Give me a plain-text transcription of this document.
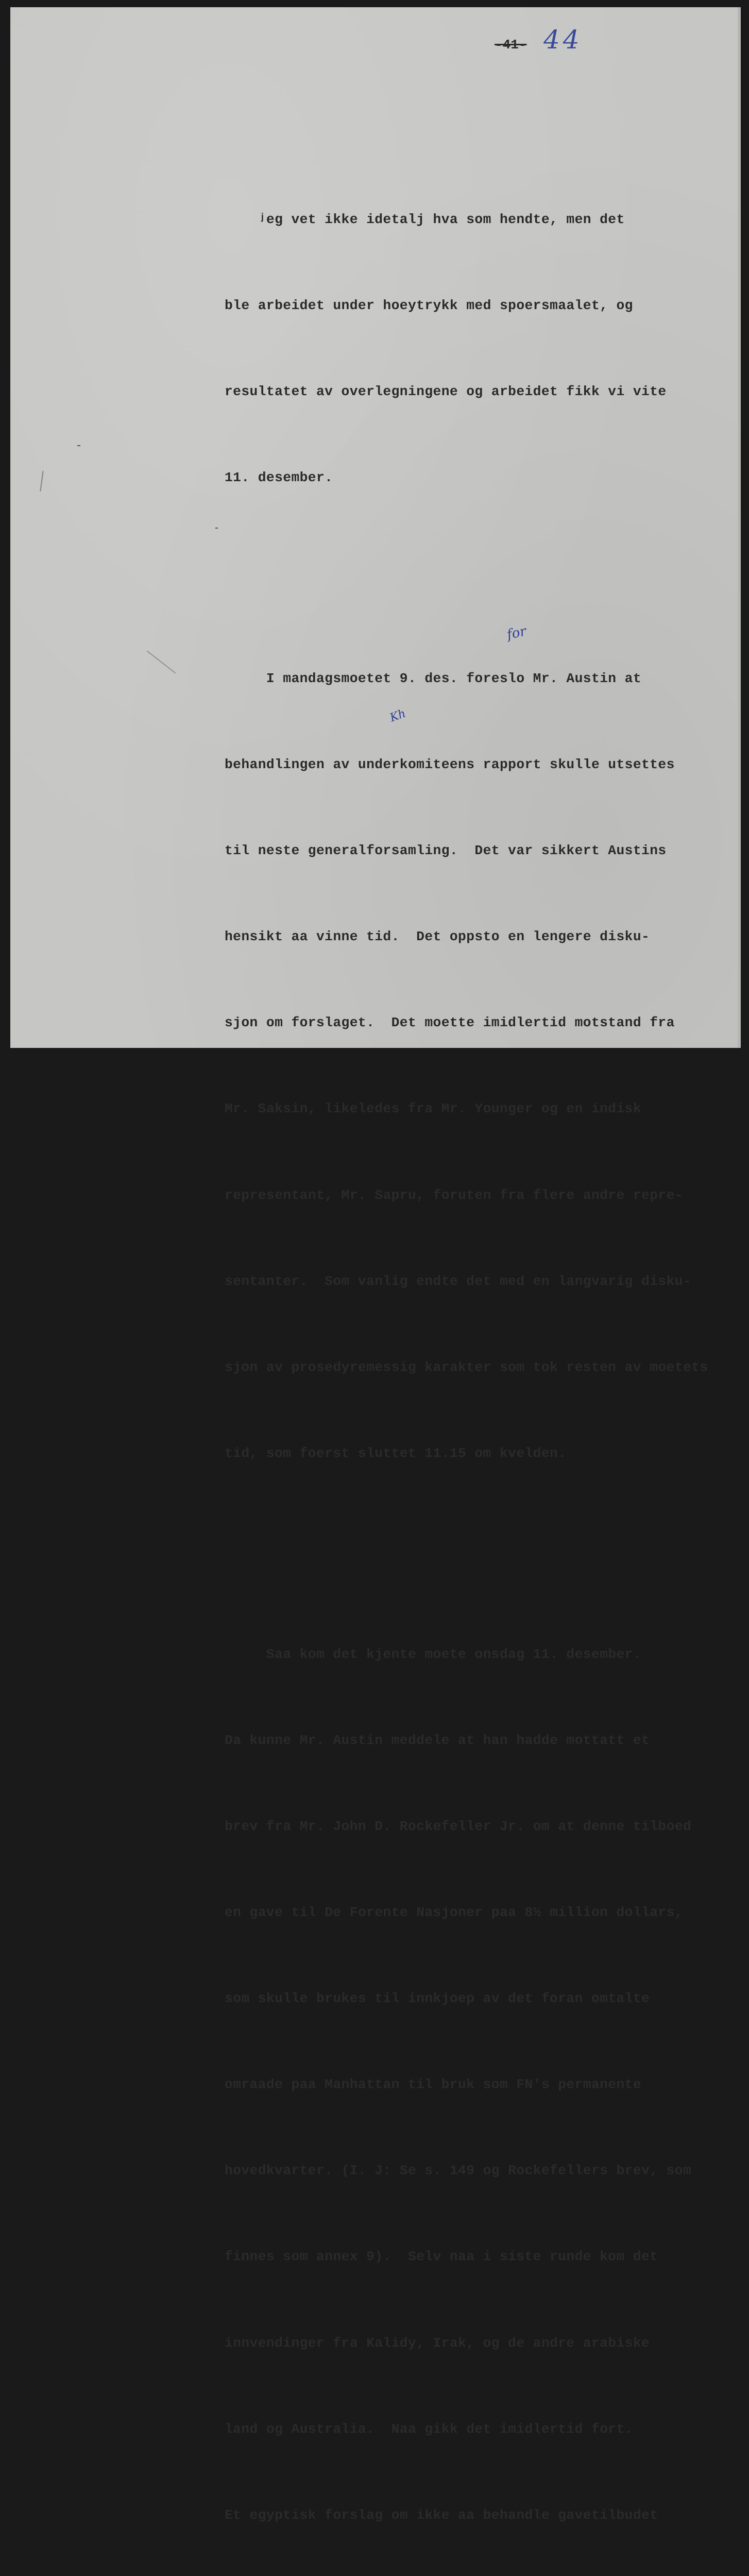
-41- 44

ʲeg vet ikke idetalj hva som hendte, men det

ble arbeidet under hoeytrykk med spoersmaalet, og

resultatet av overlegningene og arbeidet fikk vi vite

11. desember.

I mandagsmoetet 9. des. foreslo Mr. Austin at

behandlingen av underkomiteens rapport skulle utsettes

til neste generalforsamling.  Det var sikkert Austins

hensikt aa vinne tid.  Det oppsto en lengere disku-

sjon om forslaget.  Det moette imidlertid motstand fra

Mr. Saksin, likeledes fra Mr. Younger og en indisk

representant, Mr. Sapru, foruten fra flere andre repre-

sentanter.  Som vanlig endte det med en langvarig disku-

sjon av prosedyremessig karakter som tok resten av moetets

tid, som foerst sluttet 11.15 om kvelden.

Saa kom det kjente moete onsdag 11. desember.

Da kunne Mr. Austin meddele at han hadde mottatt et

brev fra Mr. John D. Rockefeller Jr. om at denne tilboed

en gave til De Forente Nasjoner paa 8½ million dollars,

som skulle brukes til innkjoep av det foran omtalte

omraade paa Manhattan til bruk som FN's permanente

hovedkvarter. (I. J: Se s. 149 og Rockefellers brev, som

finnes som annex 9).  Selv naa i siste runde kom det

innvendinger fra Kalidy, Irak, og de andre arabiske

land og Australia.  Naa gikk det imidlertid fort.

Et egyptisk forslag om ikke aa behandle gavetilbudet

for
Kh
